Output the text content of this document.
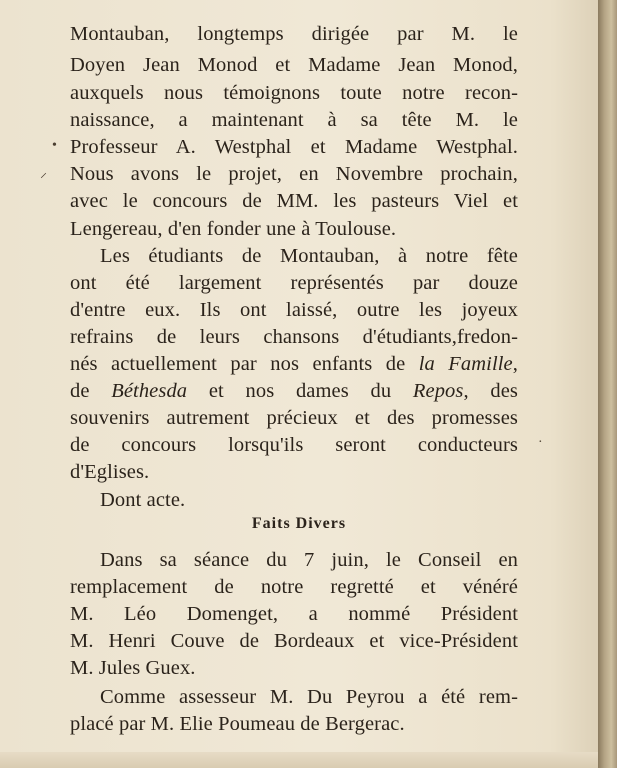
Montauban, longtemps dirigée par M. le
Doyen Jean Monod et Madame Jean Monod,
auxquels nous témoignons toute notre recon-
naissance, a maintenant à sa tête M. le
Professeur A. Westphal et Madame Westphal.
Nous avons le projet, en Novembre prochain,
avec le concours de MM. les pasteurs Viel et
Lengereau, d'en fonder une à Toulouse.
Les étudiants de Montauban, à notre fête
ont été largement représentés par douze
d'entre eux. Ils ont laissé, outre les joyeux
refrains de leurs chansons d'étudiants,fredon-
nés actuellement par nos enfants de la Famille,
de Béthesda et nos dames du Repos, des
souvenirs autrement précieux et des promesses
de concours lorsqu'ils seront conducteurs
d'Eglises.
Dont acte.
Faits Divers
Dans sa séance du 7 juin, le Conseil en
remplacement de notre regretté et vénéré
M. Léo Domenget, a nommé Président
M. Henri Couve de Bordeaux et vice-Président
M. Jules Guex.
Comme assesseur M. Du Peyrou a été rem-
placé par M. Elie Poumeau de Bergerac.
•
⸝
·
